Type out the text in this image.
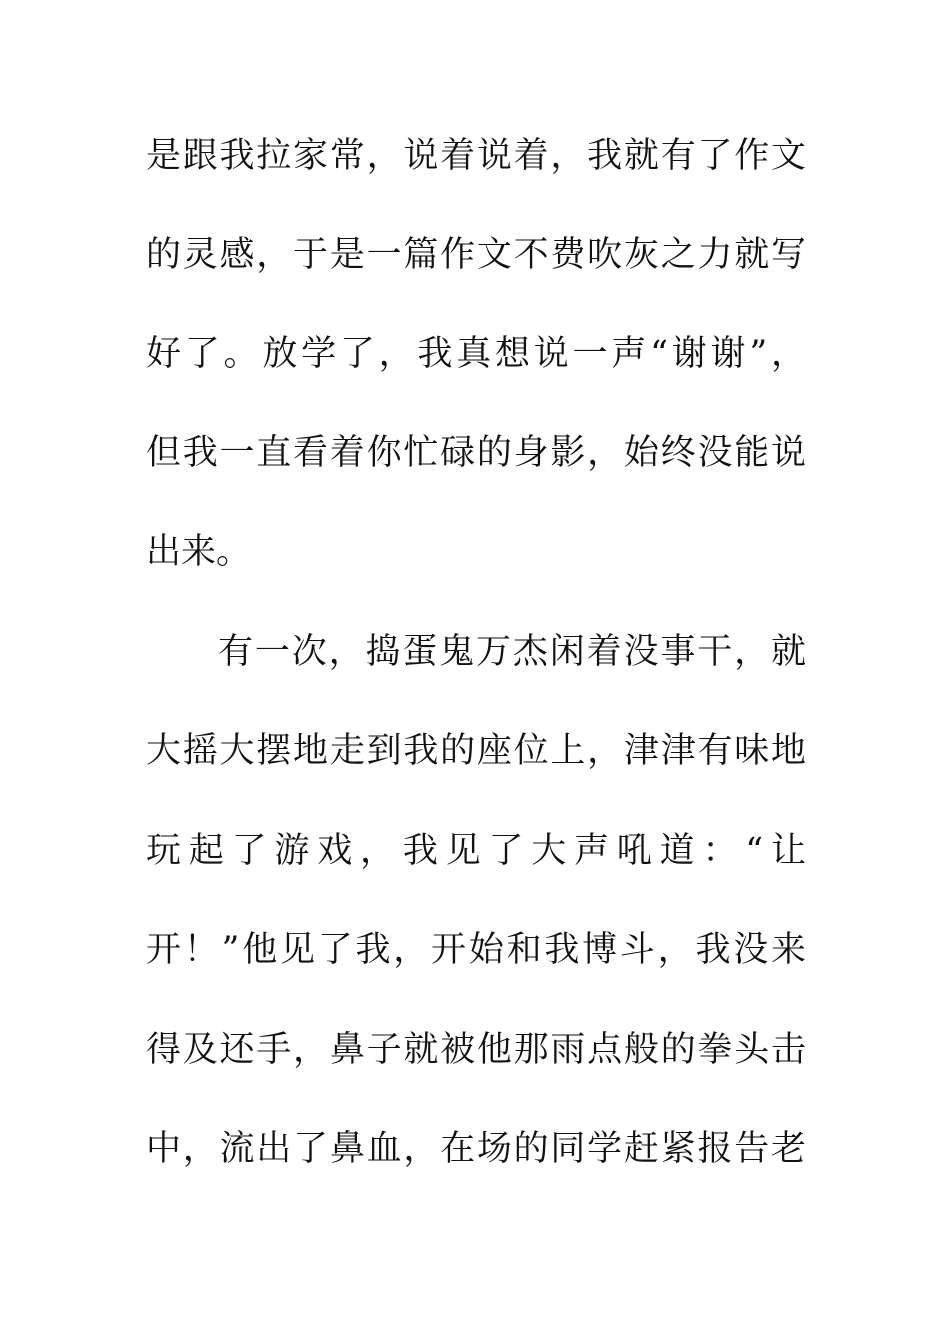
是跟我拉家常，说着说着，我就有了作文
的灵感，于是一篇作文不费吹灰之力就写
好了。放学了，我真想说一声“谢谢”，
但我一直看着你忙碌的身影，始终没能说
出来。
有一次，捣蛋鬼万杰闲着没事干，就
大摇大摆地走到我的座位上，津津有味地
玩起了游戏，我见了大声吼道：“让
开！”他见了我，开始和我博斗，我没来
得及还手，鼻子就被他那雨点般的拳头击
中，流出了鼻血，在场的同学赶紧报告老
